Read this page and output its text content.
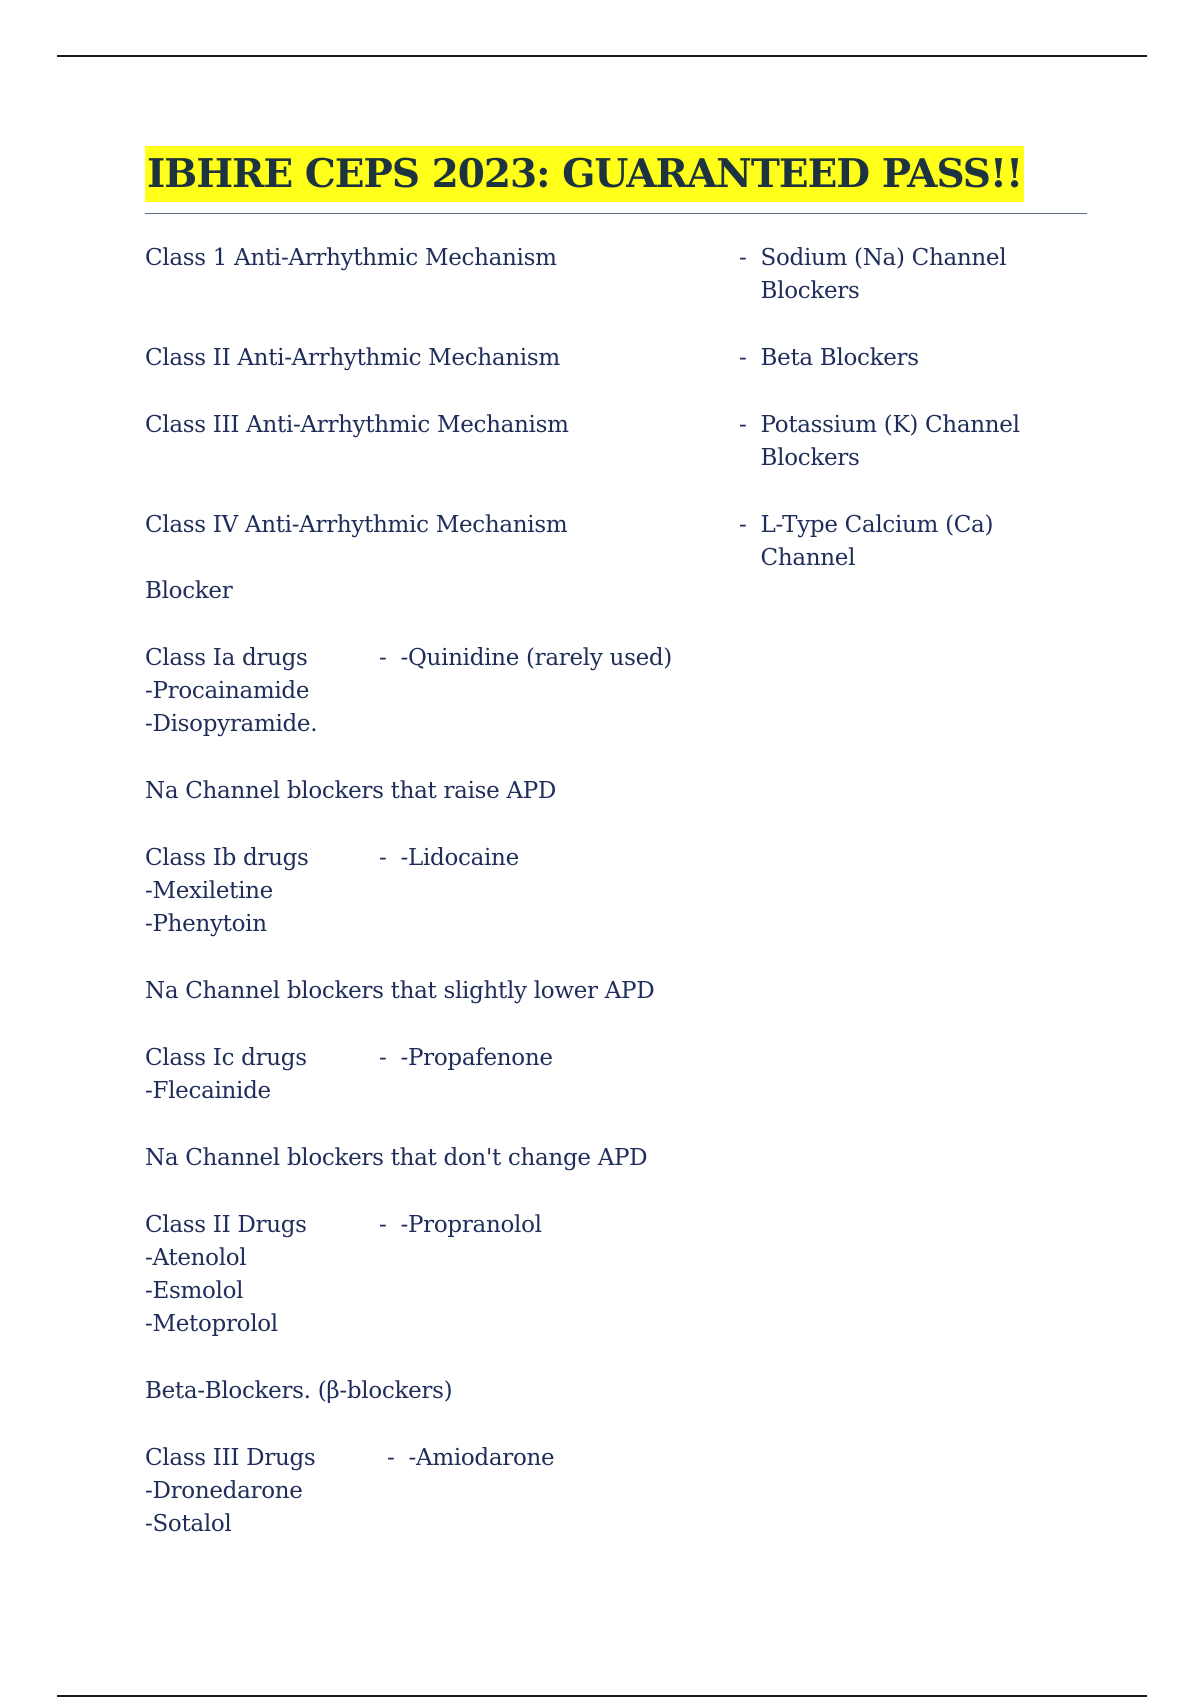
IBHRE CEPS 2023: GUARANTEED PASS!!
Class 1 Anti-Arrhythmic Mechanism	- Sodium (Na) Channel Blockers
Class II Anti-Arrhythmic Mechanism	- Beta Blockers
Class III Anti-Arrhythmic Mechanism	- Potassium (K) Channel Blockers
Class IV Anti-Arrhythmic Mechanism	- L-Type Calcium (Ca) Channel
Blocker
Class Ia drugs	- -Quinidine (rarely used)
-Procainamide
-Disopyramide.
Na Channel blockers that raise APD
Class Ib drugs	- -Lidocaine
-Mexiletine
-Phenytoin
Na Channel blockers that slightly lower APD
Class Ic drugs	- -Propafenone
-Flecainide
Na Channel blockers that don't change APD
Class II Drugs	- -Propranolol
-Atenolol
-Esmolol
-Metoprolol
Beta-Blockers. (β-blockers)
Class III Drugs	- -Amiodarone
-Dronedarone
-Sotalol
